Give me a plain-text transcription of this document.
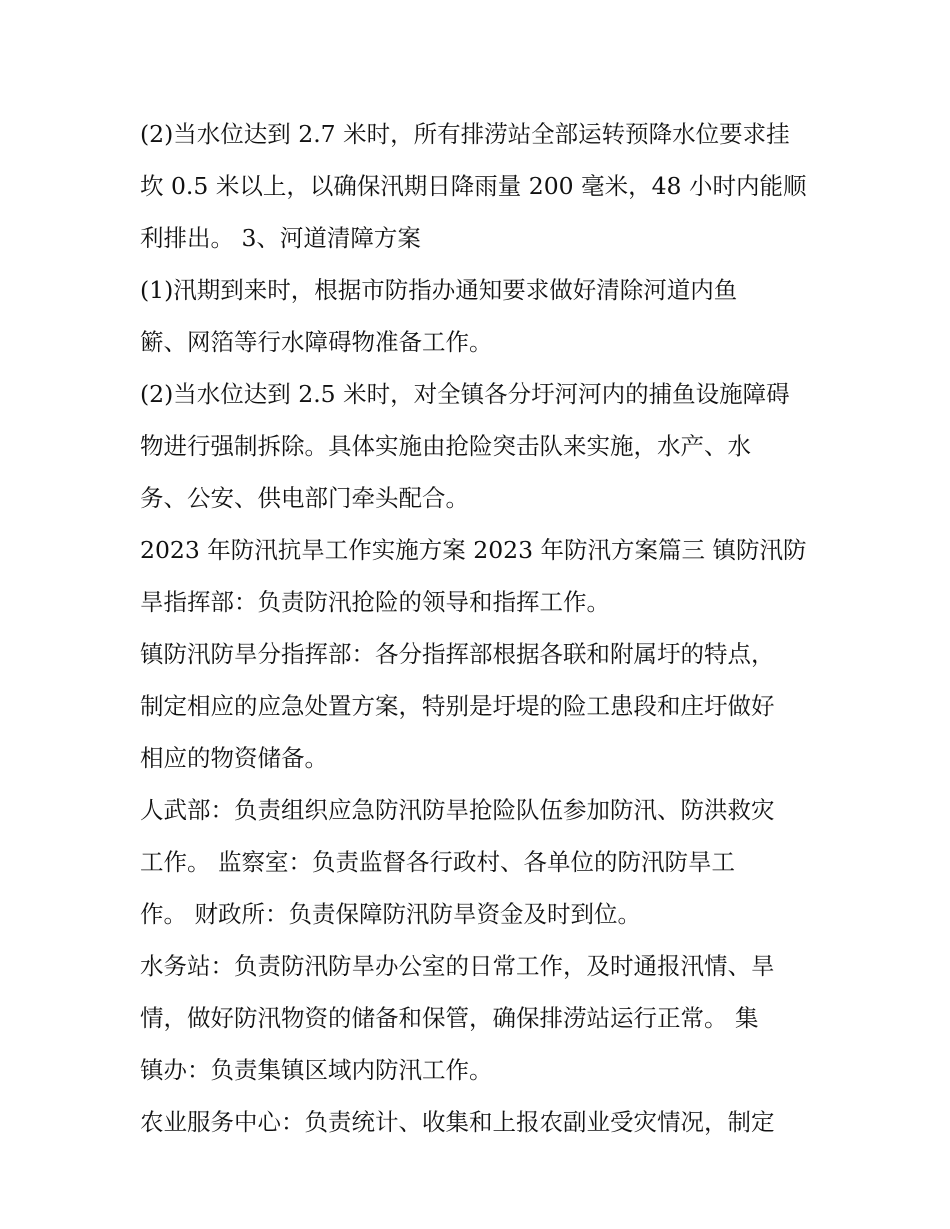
(2)当水位达到 2.7 米时，所有排涝站全部运转预降水位要求挂
坎 0.5 米以上，以确保汛期日降雨量 200 毫米，48 小时内能顺
利排出。 3、河道清障方案
(1)汛期到来时，根据市防指办通知要求做好清除河道内鱼
簖、网箔等行水障碍物准备工作。
(2)当水位达到 2.5 米时，对全镇各分圩河河内的捕鱼设施障碍
物进行强制拆除。具体实施由抢险突击队来实施，水产、水
务、公安、供电部门牵头配合。
2023 年防汛抗旱工作实施方案 2023 年防汛方案篇三 镇防汛防
旱指挥部：负责防汛抢险的领导和指挥工作。
镇防汛防旱分指挥部：各分指挥部根据各联和附属圩的特点，
制定相应的应急处置方案，特别是圩堤的险工患段和庄圩做好
相应的物资储备。
人武部：负责组织应急防汛防旱抢险队伍参加防汛、防洪救灾
工作。 监察室：负责监督各行政村、各单位的防汛防旱工
作。 财政所：负责保障防汛防旱资金及时到位。
水务站：负责防汛防旱办公室的日常工作，及时通报汛情、旱
情，做好防汛物资的储备和保管，确保排涝站运行正常。 集
镇办：负责集镇区域内防汛工作。
农业服务中心：负责统计、收集和上报农副业受灾情况，制定
